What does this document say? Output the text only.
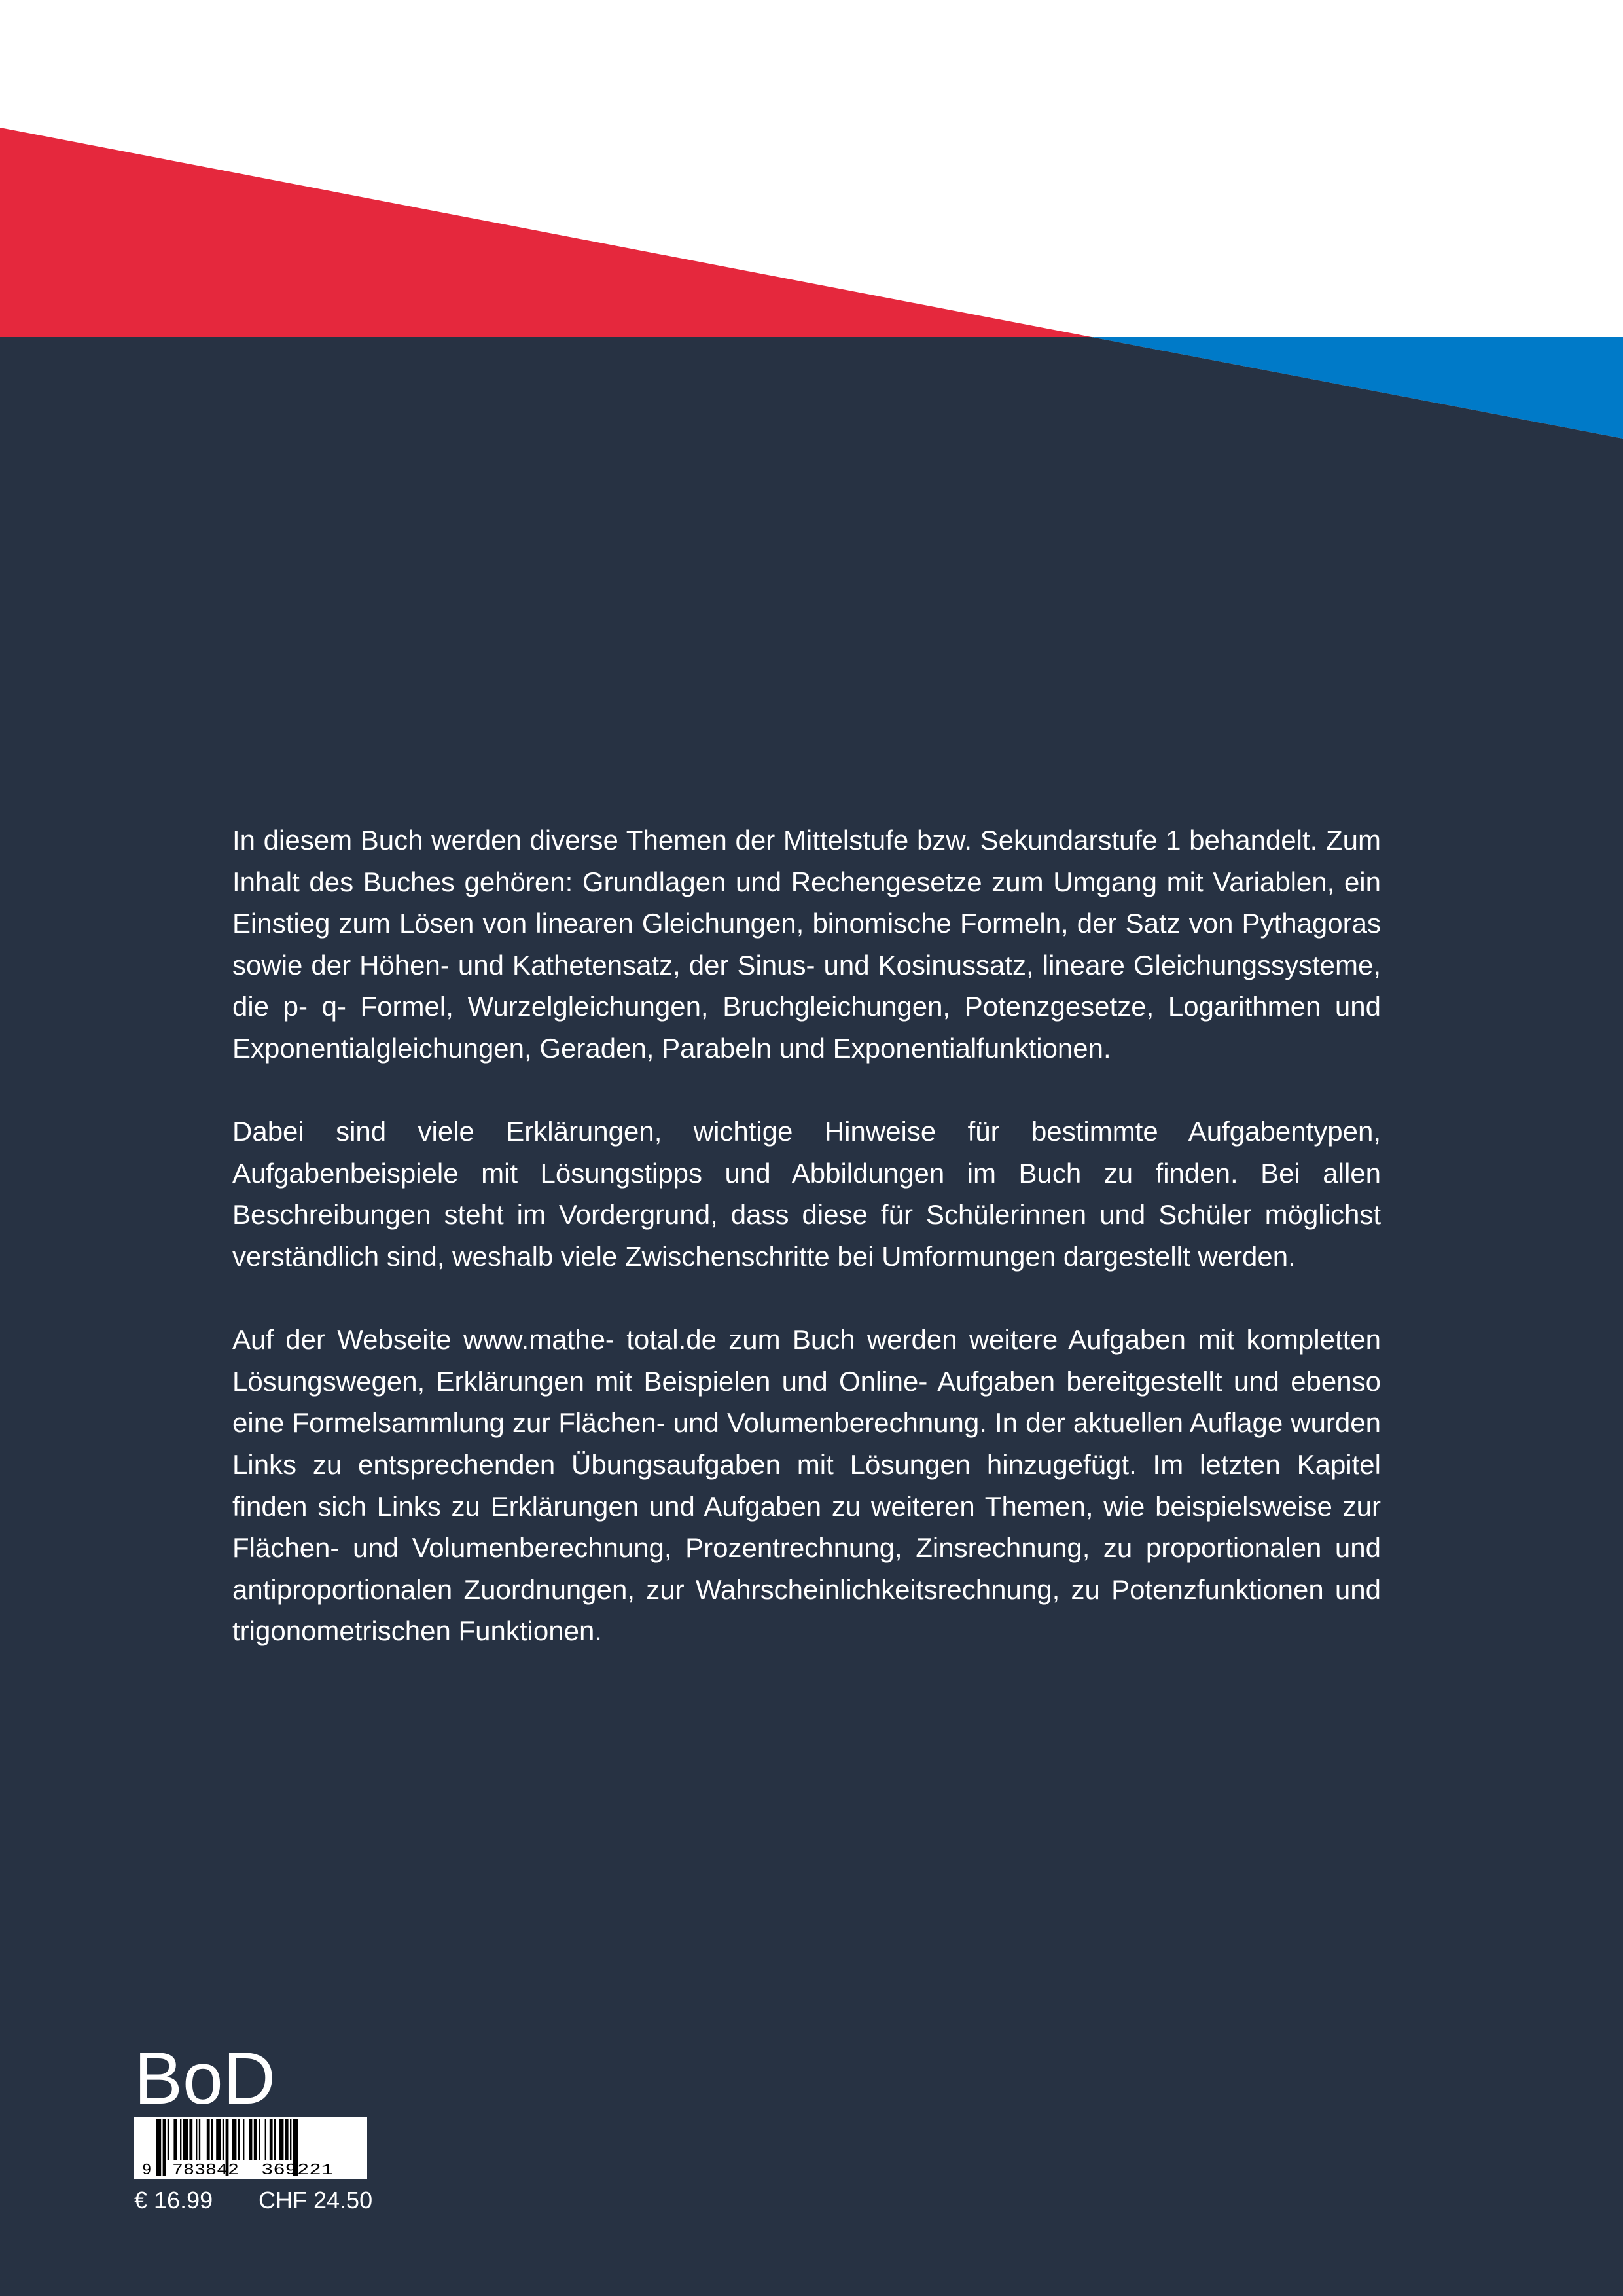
In diesem Buch werden diverse Themen der Mittelstufe bzw. Sekundarstufe 1 behandelt. Zum Inhalt des Buches gehören: Grundlagen und Rechengesetze zum Umgang mit Variablen, ein Einstieg zum Lösen von linearen Gleichungen, binomische Formeln, der Satz von Pythagoras sowie der Höhen- und Kathetensatz, der Sinus- und Kosinussatz, lineare Gleichungssysteme, die p- q- Formel, Wurzelgleichungen, Bruchgleichungen, Potenzgesetze, Logarithmen und Exponentialgleichungen, Geraden, Parabeln und Exponentialfunktionen.

Dabei sind viele Erklärungen, wichtige Hinweise für bestimmte Aufgabentypen, Aufgabenbeispiele mit Lösungstipps und Abbildungen im Buch zu finden. Bei allen Beschreibungen steht im Vordergrund, dass diese für Schülerinnen und Schüler möglichst verständlich sind, weshalb viele Zwischenschritte bei Umformungen dargestellt werden.

Auf der Webseite www.mathe- total.de zum Buch werden weitere Aufgaben mit kompletten Lösungswegen, Erklärungen mit Beispielen und Online- Aufgaben bereitgestellt und ebenso eine Formelsammlung zur Flächen- und Volumenberechnung. In der aktuellen Auflage wurden Links zu entsprechenden Übungsaufgaben mit Lösungen hinzugefügt. Im letzten Kapitel finden sich Links zu Erklärungen und Aufgaben zu weiteren Themen, wie beispielsweise zur Flächen- und Volumenberechnung, Prozentrechnung, Zinsrechnung, zu proportionalen und antiproportionalen Zuordnungen, zur Wahrscheinlichkeitsrechnung, zu Potenzfunktionen und trigonometrischen Funktionen.

BoD
9 783842 369221
€ 16.99 CHF 24.50
